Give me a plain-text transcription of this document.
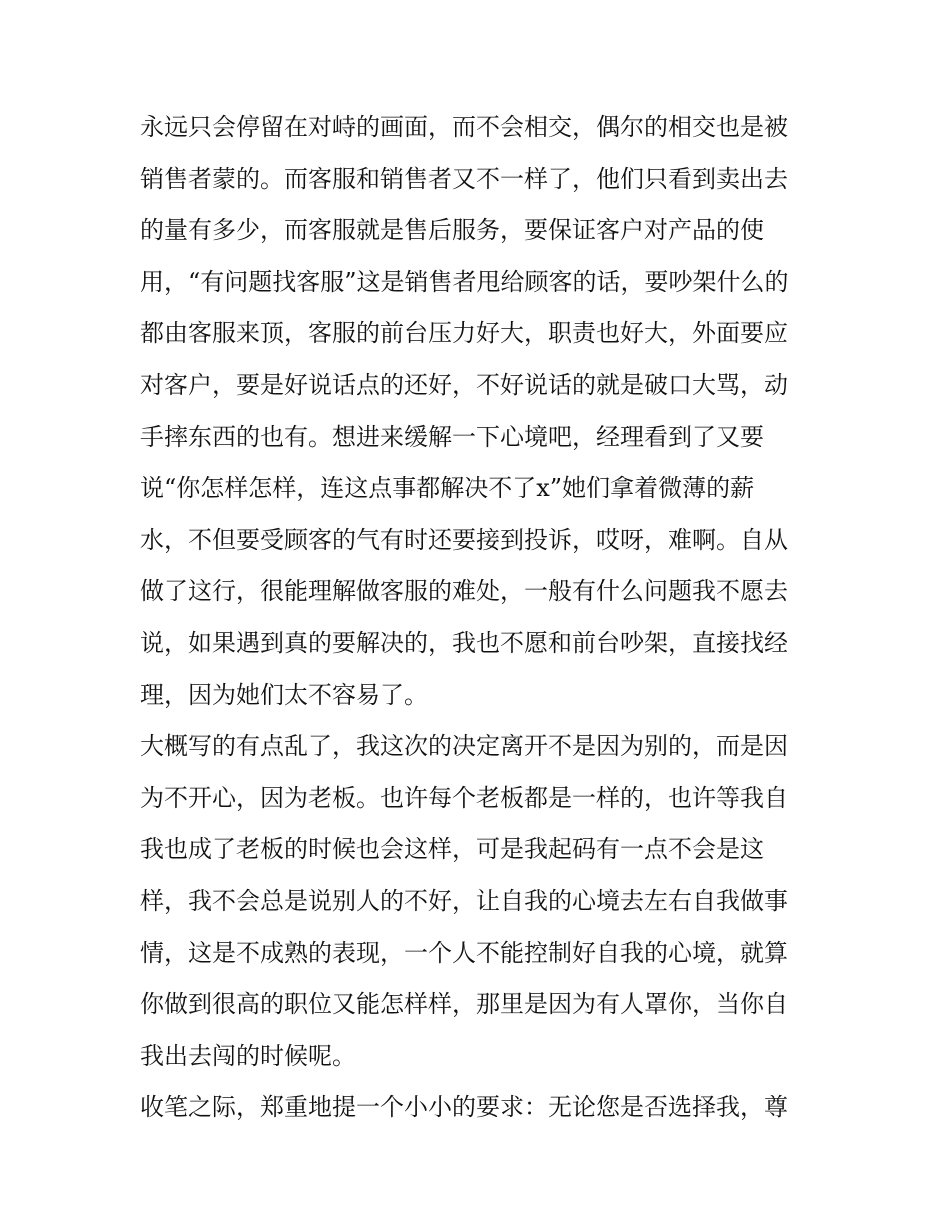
永远只会停留在对峙的画面，而不会相交，偶尔的相交也是被
销售者蒙的。而客服和销售者又不一样了，他们只看到卖出去
的量有多少，而客服就是售后服务，要保证客户对产品的使
用，“有问题找客服”这是销售者甩给顾客的话，要吵架什么的
都由客服来顶，客服的前台压力好大，职责也好大，外面要应
对客户，要是好说话点的还好，不好说话的就是破口大骂，动
手摔东西的也有。想进来缓解一下心境吧，经理看到了又要
说“你怎样怎样，连这点事都解决不了x”她们拿着微薄的薪
水，不但要受顾客的气有时还要接到投诉，哎呀，难啊。自从
做了这行，很能理解做客服的难处，一般有什么问题我不愿去
说，如果遇到真的要解决的，我也不愿和前台吵架，直接找经
理，因为她们太不容易了。
大概写的有点乱了，我这次的决定离开不是因为别的，而是因
为不开心，因为老板。也许每个老板都是一样的，也许等我自
我也成了老板的时候也会这样，可是我起码有一点不会是这
样，我不会总是说别人的不好，让自我的心境去左右自我做事
情，这是不成熟的表现，一个人不能控制好自我的心境，就算
你做到很高的职位又能怎样样，那里是因为有人罩你，当你自
我出去闯的时候呢。
收笔之际，郑重地提一个小小的要求：无论您是否选择我，尊
